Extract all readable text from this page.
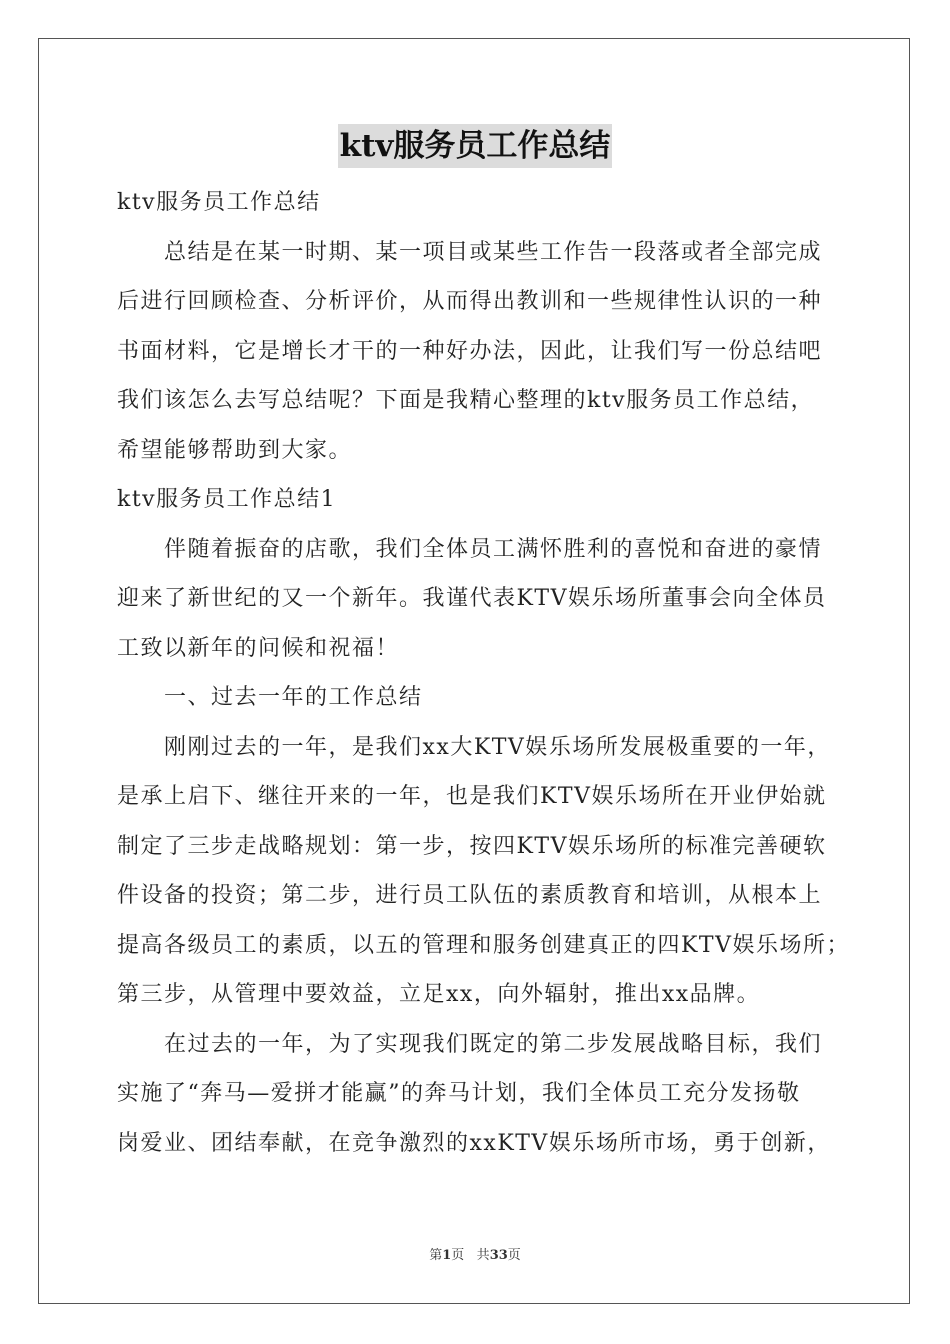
ktv服务员工作总结
ktv服务员工作总结
总结是在某一时期、某一项目或某些工作告一段落或者全部完成
后进行回顾检查、分析评价，从而得出教训和一些规律性认识的一种
书面材料，它是增长才干的一种好办法，因此，让我们写一份总结吧
我们该怎么去写总结呢？下面是我精心整理的ktv服务员工作总结，
希望能够帮助到大家。
ktv服务员工作总结1
伴随着振奋的店歌，我们全体员工满怀胜利的喜悦和奋进的豪情
迎来了新世纪的又一个新年。我谨代表KTV娱乐场所董事会向全体员
工致以新年的问候和祝福！
一、过去一年的工作总结
刚刚过去的一年，是我们xx大KTV娱乐场所发展极重要的一年，
是承上启下、继往开来的一年，也是我们KTV娱乐场所在开业伊始就
制定了三步走战略规划：第一步，按四KTV娱乐场所的标准完善硬软
件设备的投资；第二步，进行员工队伍的素质教育和培训，从根本上
提高各级员工的素质，以五的管理和服务创建真正的四KTV娱乐场所；
第三步，从管理中要效益，立足xx，向外辐射，推出xx品牌。
在过去的一年，为了实现我们既定的第二步发展战略目标，我们
实施了“奔马—爱拼才能赢”的奔马计划，我们全体员工充分发扬敬
岗爱业、团结奉献，在竞争激烈的xxKTV娱乐场所市场，勇于创新，
第1页 共33页
